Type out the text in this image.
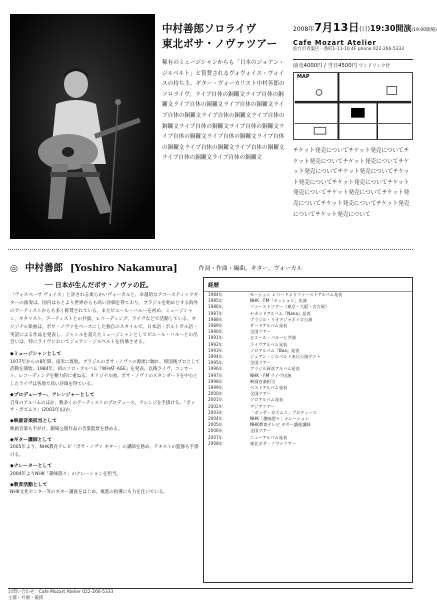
中村善郎ソロライヴ
東北ボサ・ノヴァツアー
稀有のミュージシャンからも「日本のジョアン・ジルベルト」と賞賛されるヴォヴォイス・ヴォイスの持ち主、ギター・ヴォーカリスト中村善郎のソロライヴ。ライブ自体の銅鑼文ライブ自体の銅鑼文ライブ自体の銅鑼文ライブ自体の銅鑼文ライブ自体の銅鑼文ライブ自体の銅鑼文ライブ自体の銅鑼文ライブ自体の銅鑼文ライブ自体の銅鑼文ライブ自体の銅鑼文ライブ自体の銅鑼文ライブ自体の銅鑼文ライブ自体の銅鑼文ライブ自体の銅鑼文ライブ自体の銅鑼文ライブ自体の銅鑼文
2008年7月13日(日)19:30開演(19:00開場)
Cafe Mozart Atelier
仙台市青葉区一番町1-11-10 4F phone 022-266-5333
前売4000円 / 当日4500円 ワンドリンク付
MAP
チケット発売についてチケット発売についてチケット発売についてチケット発売についてチケット発売についてチケット発売についてチケット発売についてチケット発売についてチケット発売についてチケット発売についてチケット発売についてチケット発売についてチケット発売についてチケット発売について
◎ 中村善郎 [Yoshiro Nakamura]	作詞・作曲・編曲、ギター、ヴォーカル
── 日本が生んだボサ・ノヴァの匠。
「ヴォスペーサ ヴォイス」と評される柔らかいヴォーカルと、卓越的なアコースティックギターの演奏は、国内はもとより世界からも高い評価を得ており、ブラジルを始めとする海外のアーティストからも多く称賛されている。またビエール・バルーを初め、ミュージシャン、ギタリスト、アーティストとの共演、レコーディング、ライヴなどで活動している。オリジナル楽曲は、ボサ・ノヴァをベースにした独自のスタイルで、日本語・ポルトガル語・英語による作品を発表し、ジャンルを超えたミュージシャンとしてビエール・バルーとの出会いは、特にライヴにおいてジョアン・ジルベルトを彷彿させる。
◆ミュージシャンとして
1977年からの8年間、南米に渡航。ブラジルのボサ・ノヴァの源流に触れ、帰国後プロとして活動を開始。1984年、初のソロ・アルバム『WHAT AGE』を発表、以後ライヴ、コンサート、レコーディングを精力的に重ねる。オリジナル曲、ボサ・ノヴァのスタンダードを中心としたライヴは各地で高い評価を得ている。
◆プロデューサー、アレンジャーとして
自身のアルバムのほか、数多くのアーティストのプロデュース、アレンジを手掛ける。「ボッサ・ガズムス」(2003年)ほか。
◆映画音楽担当として
映画音楽も手がけ、劇場公開作品の音楽監督を務める。
◆ギター講師として
2005年より、NHK教育テレビ「ボサ・ノヴァ ギター」の講師を務め、テキストの監修も手掛ける。
◆ナレーターとして
2004年よりNHK「趣味悠々」のナレーションを担当。
◆教育活動として
NHK文化センター等のギター講座をはじめ、後進の指導にも力を注いでいる。
経歴
1984年	モーション レコードよりファーストアルバム発表
1985年	NHK・FM「セッション」出演
1986年	ファーストツアー（東京・大阪・名古屋）
1987年	セカンドアルバム『Nana』発表
1988年	ブラジル・リオデジャネイロ公演
1989年	サードアルバム発表
1990年	全国ツアー
1991年	ビエール・バルーと共演
1992年	ライヴアルバム発表
1993年	ソロアルバム『Boa』発表
1994年	ジョアン・ジルベルト来日公演ゲスト
1995年	全国ツアー
1996年	ブラジル録音アルバム発表
1997年	NHK・FM ライヴ出演
1998年	映画音楽担当
1999年	ベストアルバム発表
2000年	全国ツアー
2001年	ソロアルバム発表
2002年	アジアツアー
2003年	「ボッサ・ガズムス」プロデュース
2004年	NHK「趣味悠々」ナレーション
2005年	NHK教育テレビ ギター講座講師
2006年	全国ツアー
2007年	ニューアルバム発表
2008年	東北ボサ・ノヴァツアー
お問い合わせ：Cafe Mozart Atelier 022-266-5333
主催・共催・後援
